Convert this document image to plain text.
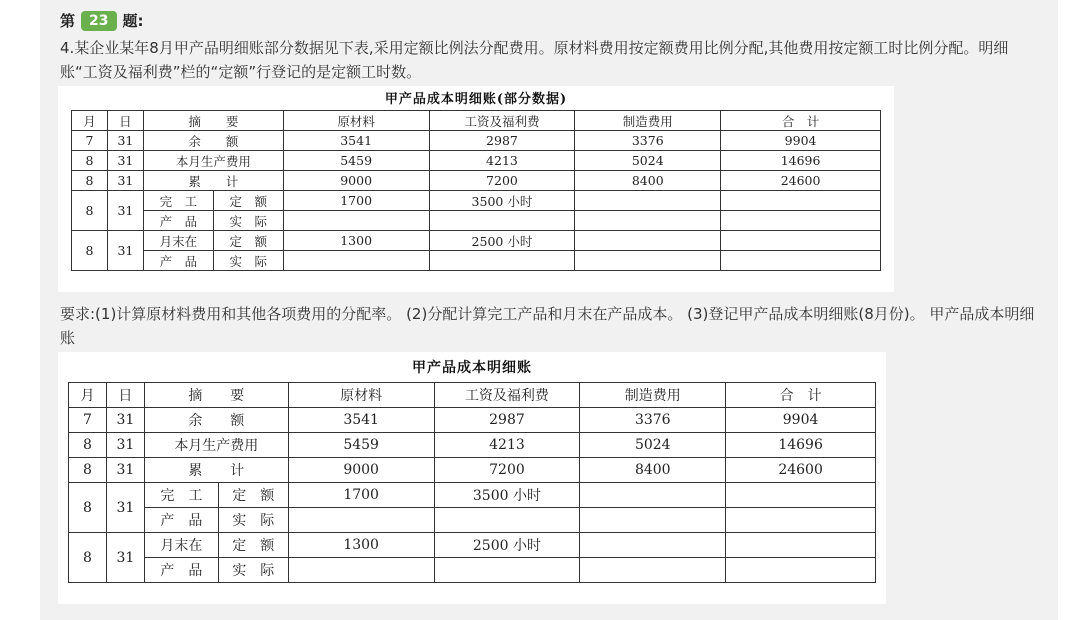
第	23 题:
4.某企业某年8月甲产品明细账部分数据见下表,采用定额比例法分配费用。原材料费用按定额费用比例分配,其他费用按定额工时比例分配。明细账“工资及福利费”栏的“定额”行登记的是定额工时数。
甲产品成本明细账(部分数据)
月	日	摘　　要		原材料	工资及福利费	制造费用	合　计
7	31	余　　额		3541	2987	3376	9904
8	31	本月生产费用		5459	4213	5024	14696
8	31	累　　计		9000	7200	8400	24600
8	31	完　工	定　额	1700	3500 小时		
		产　品	实　际				
8	31	月末在	定　额	1300	2500 小时		
		产　品	实　际				
要求:(1)计算原材料费用和其他各项费用的分配率。 (2)分配计算完工产品和月末在产品成本。 (3)登记甲产品成本明细账(8月份)。 甲产品成本明细账
甲产品成本明细账
月	日	摘　　要		原材料	工资及福利费	制造费用	合　计
7	31	余　　额		3541	2987	3376	9904
8	31	本月生产费用		5459	4213	5024	14696
8	31	累　　计		9000	7200	8400	24600
8	31	完　工	定　额	1700	3500 小时		
		产　品	实　际				
8	31	月末在	定　额	1300	2500 小时		
		产　品	实　际				
